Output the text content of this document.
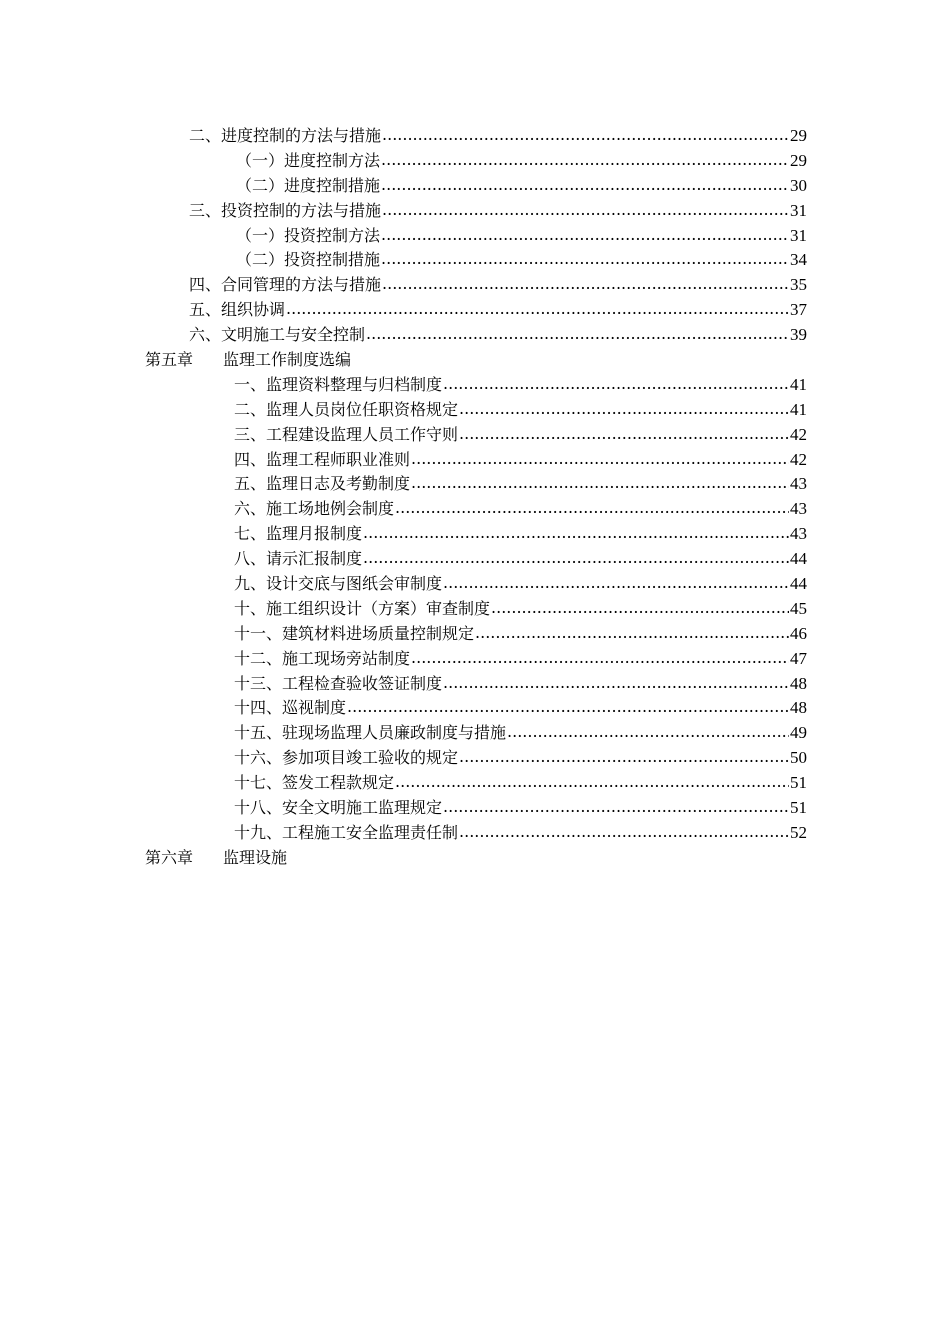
二、进度控制的方法与措施 .....	29
（一）进度控制方法 .....	29
（二）进度控制措施 .....	30
三、投资控制的方法与措施 .....	31
（一）投资控制方法 .....	31
（二）投资控制措施 .....	34
四、合同管理的方法与措施 .....	35
五、组织协调 .....	37
六、文明施工与安全控制 .....	39
第五章 监理工作制度选编
一、监理资料整理与归档制度 .....	41
二、监理人员岗位任职资格规定 .....	41
三、工程建设监理人员工作守则 .....	42
四、监理工程师职业准则 .....	42
五、监理日志及考勤制度 .....	43
六、施工场地例会制度 .....	43
七、监理月报制度 .....	43
八、请示汇报制度 .....	44
九、设计交底与图纸会审制度 .....	44
十、施工组织设计（方案）审查制度 .....	45
十一、建筑材料进场质量控制规定 .....	46
十二、施工现场旁站制度 .....	47
十三、工程检查验收签证制度 .....	48
十四、巡视制度 .....	48
十五、驻现场监理人员廉政制度与措施 .....	49
十六、参加项目竣工验收的规定 .....	50
十七、签发工程款规定 .....	51
十八、安全文明施工监理规定 .....	51
十九、工程施工安全监理责任制 .....	52
第六章 监理设施
